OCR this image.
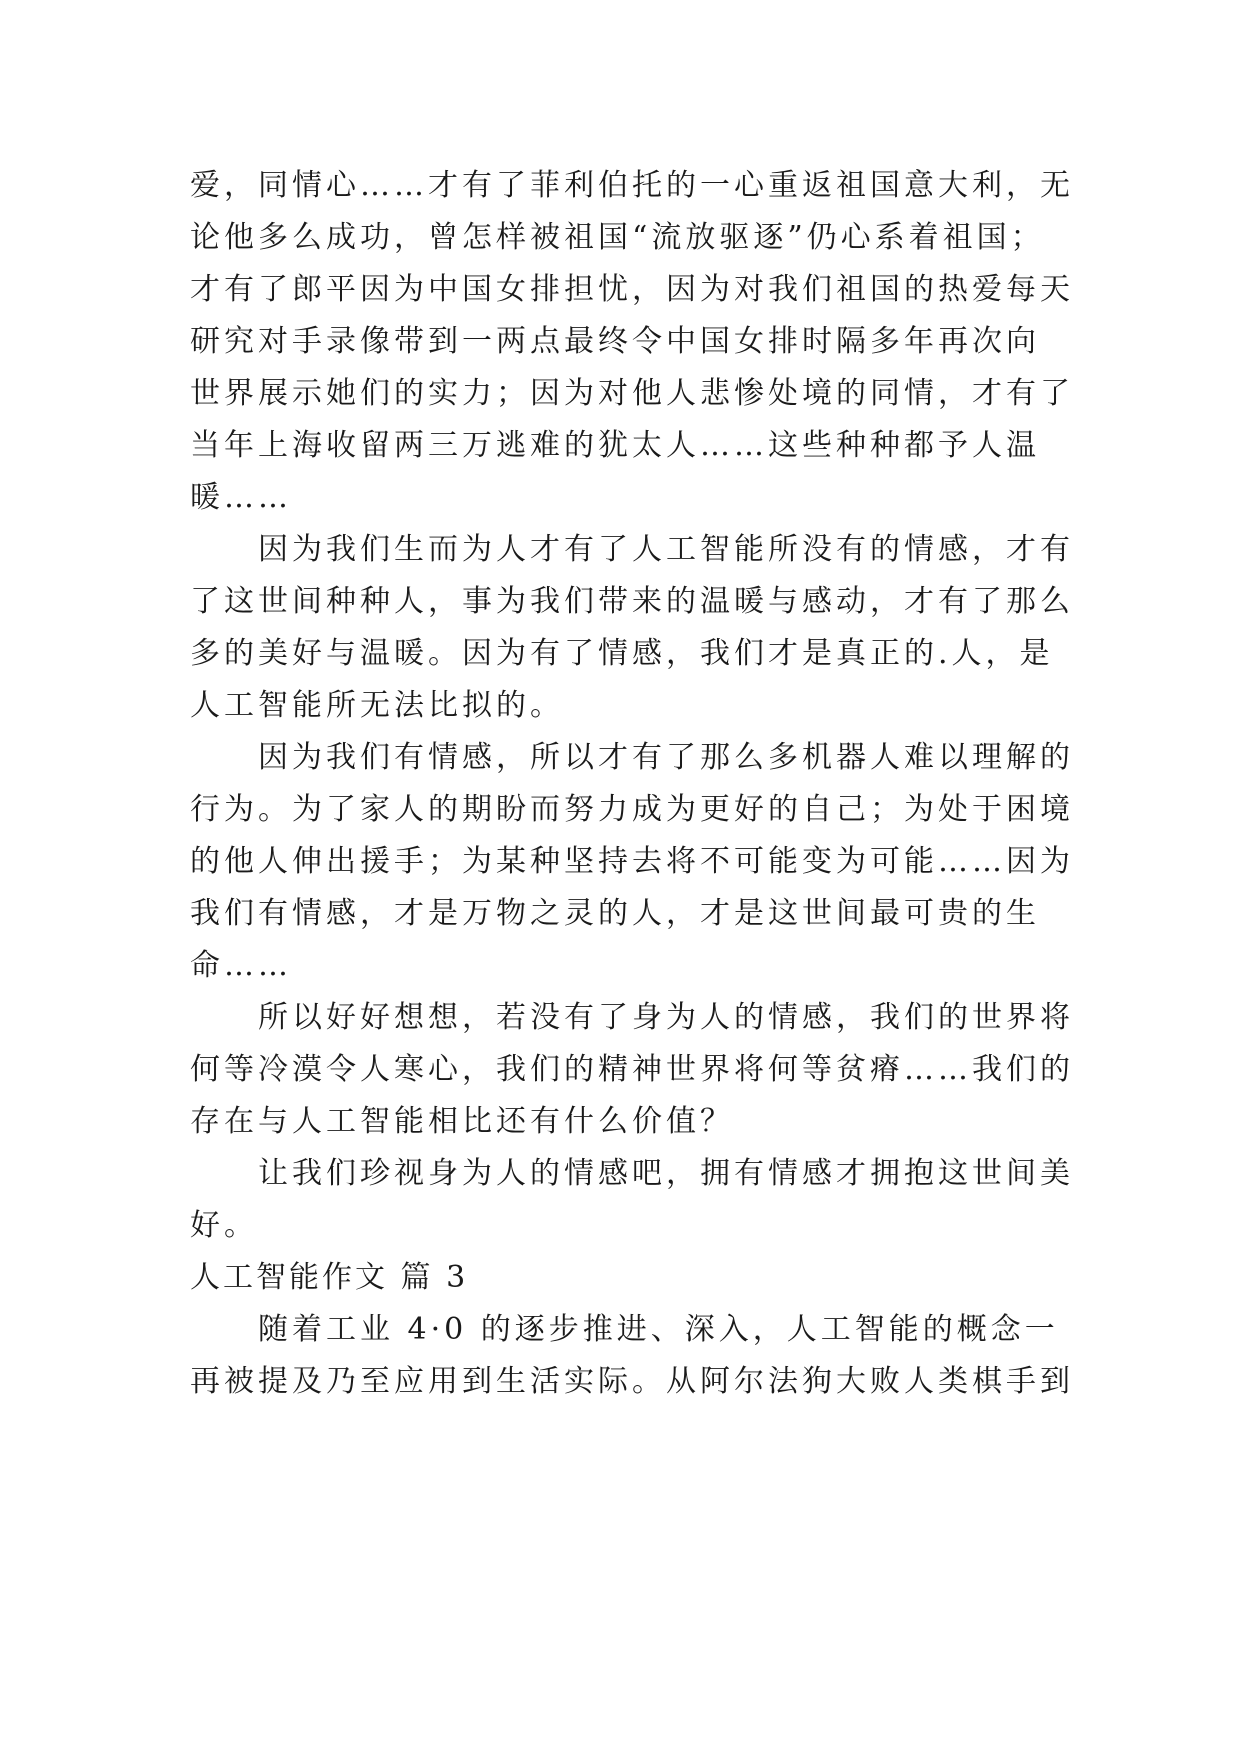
爱，同情心……才有了菲利伯托的一心重返祖国意大利，无
论他多么成功，曾怎样被祖国“流放驱逐”仍心系着祖国；
才有了郎平因为中国女排担忧，因为对我们祖国的热爱每天
研究对手录像带到一两点最终令中国女排时隔多年再次向
世界展示她们的实力；因为对他人悲惨处境的同情，才有了
当年上海收留两三万逃难的犹太人……这些种种都予人温
暖……
因为我们生而为人才有了人工智能所没有的情感，才有
了这世间种种人，事为我们带来的温暖与感动，才有了那么
多的美好与温暖。因为有了情感，我们才是真正的.人，是
人工智能所无法比拟的。
因为我们有情感，所以才有了那么多机器人难以理解的
行为。为了家人的期盼而努力成为更好的自己；为处于困境
的他人伸出援手；为某种坚持去将不可能变为可能……因为
我们有情感，才是万物之灵的人，才是这世间最可贵的生
命……
所以好好想想，若没有了身为人的情感，我们的世界将
何等冷漠令人寒心，我们的精神世界将何等贫瘠……我们的
存在与人工智能相比还有什么价值？
让我们珍视身为人的情感吧，拥有情感才拥抱这世间美
好。
人工智能作文 篇 3
随着工业 4·0 的逐步推进、深入，人工智能的概念一
再被提及乃至应用到生活实际。从阿尔法狗大败人类棋手到
